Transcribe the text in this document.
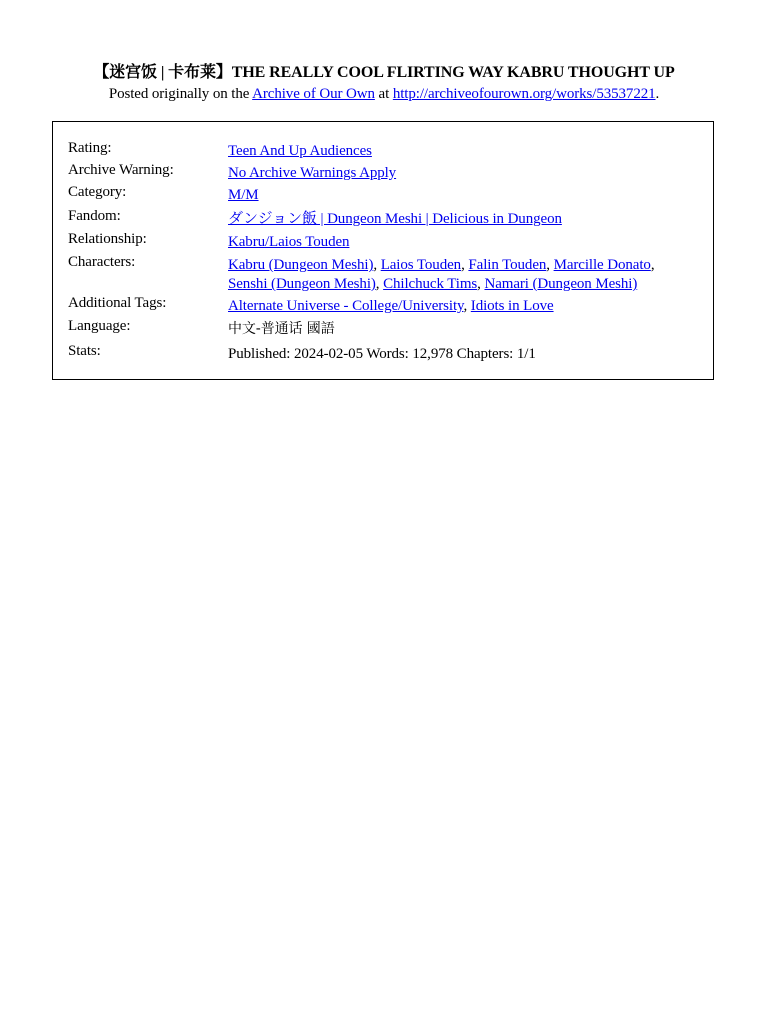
【迷宫饭 | 卡布莱】THE REALLY COOL FLIRTING WAY KABRU THOUGHT UP
Posted originally on the Archive of Our Own at http://archiveofourown.org/works/53537221.
Rating:	Teen And Up Audiences
Archive Warning:	No Archive Warnings Apply
Category:	M/M
Fandom:	ダンジョン飯 | Dungeon Meshi | Delicious in Dungeon
Relationship:	Kabru/Laios Touden
Characters:	Kabru (Dungeon Meshi), Laios Touden, Falin Touden, Marcille Donato, Senshi (Dungeon Meshi), Chilchuck Tims, Namari (Dungeon Meshi)
Additional Tags:	Alternate Universe - College/University, Idiots in Love
Language:	中文-普通话 國語
Stats:	Published: 2024-02-05 Words: 12,978 Chapters: 1/1
